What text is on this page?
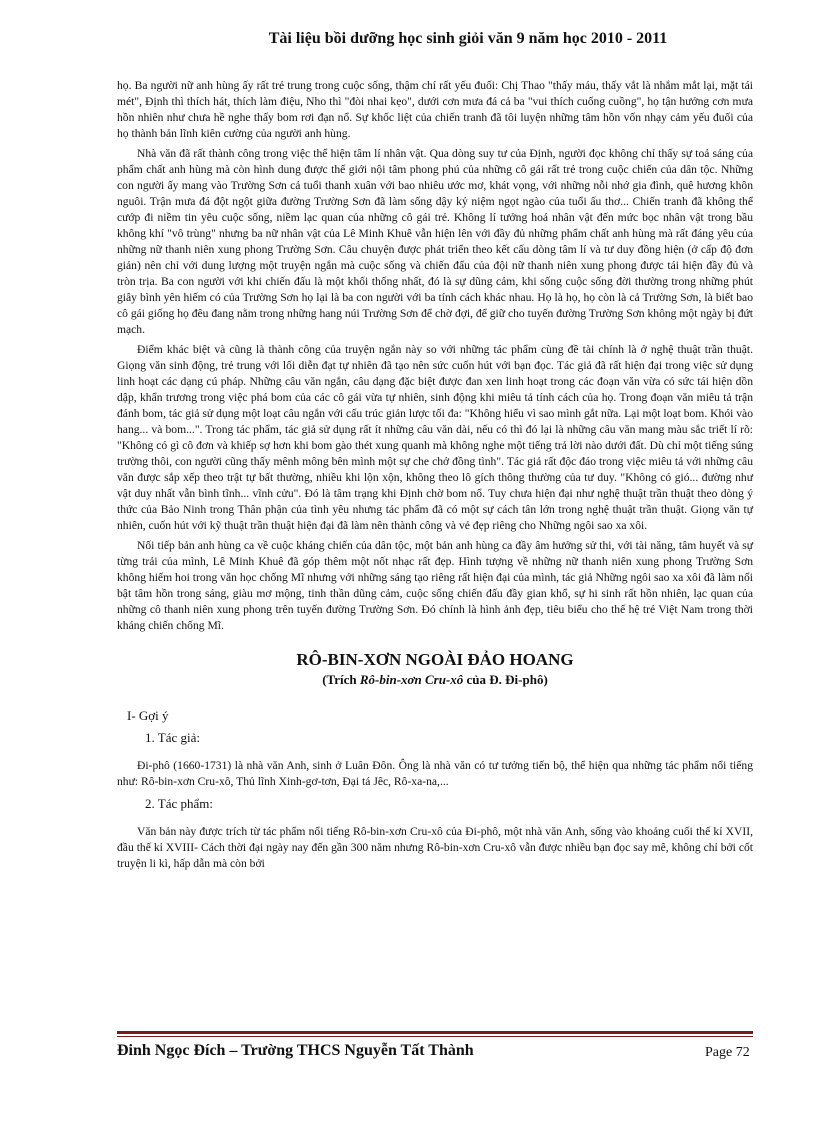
Tài liệu bồi dưỡng học sinh giỏi văn 9 năm học 2010 - 2011

họ. Ba người nữ anh hùng ấy rất trẻ trung trong cuộc sống, thậm chí rất yếu đuối: Chị Thao "thấy máu, thấy vắt là nhắm mắt lại, mặt tái mét", Định thì thích hát, thích làm điệu, Nho thì "đòi nhai kẹo", dưới cơn mưa đá cả ba "vui thích cuống cuồng", họ tận hưởng cơn mưa hồn nhiên như chưa hề nghe thấy bom rơi đạn nổ. Sự khốc liệt của chiến tranh đã tôi luyện những tâm hồn vốn nhạy cảm yếu đuối của họ thành bản lĩnh kiên cường của người anh hùng.

Nhà văn đã rất thành công trong việc thể hiện tâm lí nhân vật. Qua dòng suy tư của Định, người đọc không chỉ thấy sự toả sáng của phẩm chất anh hùng mà còn hình dung được thế giới nội tâm phong phú của những cô gái rất trẻ trong cuộc chiến của dân tộc. Những con người ấy mang vào Trường Sơn cả tuổi thanh xuân với bao nhiêu ước mơ, khát vọng, với những nỗi nhớ gia đình, quê hương khôn nguôi. Trận mưa đá đột ngột giữa đường Trường Sơn đã làm sống dậy kỷ niệm ngọt ngào của tuổi ấu thơ... Chiến tranh đã không thể cướp đi niềm tin yêu cuộc sống, niềm lạc quan của những cô gái trẻ. Không lí tưởng hoá nhân vật đến mức bọc nhân vật trong bầu không khí "vô trùng" nhưng ba nữ nhân vật của Lê Minh Khuê vẫn hiện lên với đầy đủ những phẩm chất anh hùng mà rất đáng yêu của những nữ thanh niên xung phong Trường Sơn. Câu chuyện được phát triển theo kết cấu dòng tâm lí và tư duy đồng hiện (ở cấp độ đơn giản) nên chỉ với dung lượng một truyện ngắn mà cuộc sống và chiến đấu của đội nữ thanh niên xung phong được tái hiện đầy đủ và tròn trịa. Ba con người với khi chiến đấu là một khối thống nhất, đó là sự dũng cảm, khi sống cuộc sống đời thường trong những phút giây bình yên hiếm có của Trường Sơn họ lại là ba con người với ba tính cách khác nhau. Họ là họ, họ còn là cả Trường Sơn, là biết bao cô gái giống họ đêu đang nằm trong những hang núi Trường Sơn để chờ đợi, để giữ cho tuyến đường Trường Sơn không một ngày bị đứt mạch.

Điểm khác biệt và cũng là thành công của truyện ngắn này so với những tác phẩm cùng đề tài chính là ở nghệ thuật trần thuật. Giọng văn sinh động, trẻ trung với lối diễn đạt tự nhiên đã tạo nên sức cuốn hút với bạn đọc. Tác giả đã rất hiện đại trong việc sử dụng linh hoạt các dạng cú pháp. Những câu văn ngắn, câu dạng đặc biệt được đan xen linh hoạt trong các đoạn văn vừa có sức tái hiện dồn dập, khẩn trương trong việc phá bom của các cô gái vừa tự nhiên, sinh động khi miêu tả tính cách của họ. Trong đoạn văn miêu tả trận đánh bom, tác giả sử dụng một loạt câu ngắn với cấu trúc giản lược tối đa: "Không hiểu vì sao mình gắt nữa. Lại một loạt bom. Khói vào hang... và bom...". Trong tác phẩm, tác giả sử dụng rất ít những câu văn dài, nếu có thì đó lại là những câu văn mang màu sắc triết lí rõ: "Không có gì cô đơn và khiếp sợ hơn khi bom gào thét xung quanh mà không nghe một tiếng trả lời nào dưới đất. Dù chỉ một tiếng súng trường thôi, con người cũng thấy mênh mông bên mình một sự che chở đồng tình". Tác giả rất độc đáo trong việc miêu tả với những câu văn được sắp xếp theo trật tự bất thường, nhiều khi lộn xộn, không theo lô gích thông thường của tư duy. "Không có gió... đường như vật duy nhất vẫn bình tĩnh... vĩnh cửu". Đó là tâm trạng khi Định chờ bom nổ. Tuy chưa hiện đại như nghệ thuật trần thuật theo dòng ý thức của Bảo Ninh trong Thân phận của tình yêu nhưng tác phẩm đã có một sự cách tân lớn trong nghệ thuật trần thuật. Giọng văn tự nhiên, cuốn hút với kỹ thuật trần thuật hiện đại đã làm nên thành công và vẻ đẹp riêng cho Những ngôi sao xa xôi.

Nối tiếp bản anh hùng ca về cuộc kháng chiến của dân tộc, một bản anh hùng ca đầy âm hưởng sử thi, với tài năng, tâm huyết và sự từng trải của mình, Lê Minh Khuê đã góp thêm một nốt nhạc rất đẹp. Hình tượng về những nữ thanh niên xung phong Trường Sơn không hiếm hoi trong văn học chống Mĩ nhưng với những sáng tạo riêng rất hiện đại của mình, tác giả Những ngôi sao xa xôi đã làm nổi bật tâm hồn trong sáng, giàu mơ mộng, tinh thần dũng cảm, cuộc sống chiến đấu đầy gian khổ, sự hi sinh rất hồn nhiên, lạc quan của những cô thanh niên xung phong trên tuyến đường Trường Sơn. Đó chính là hình ảnh đẹp, tiêu biểu cho thế hệ trẻ Việt Nam trong thời kháng chiến chống Mĩ.

RÔ-BIN-XƠN NGOÀI ĐẢO HOANG

(Trích Rô-bin-xơn Cru-xô của Đ. Đi-phô)

I- Gợi ý

1. Tác giả:

Đi-phô (1660-1731) là nhà văn Anh, sinh ở Luân Đôn. Ông là nhà văn có tư tưởng tiến bộ, thể hiện qua những tác phẩm nổi tiếng như: Rô-bin-xơn Cru-xô, Thủ lĩnh Xinh-gơ-tơn, Đại tá Jêc, Rô-xa-na,...

2. Tác phẩm:

Văn bản này được trích từ tác phẩm nổi tiếng Rô-bin-xơn Cru-xô của Đi-phô, một nhà văn Anh, sống vào khoảng cuối thế kỉ XVII, đầu thế kỉ XVIII- Cách thời đại ngày nay đến gần 300 năm nhưng Rô-bin-xơn Cru-xô vẫn được nhiều bạn đọc say mê, không chỉ bởi cốt truyện li kì, hấp dẫn mà còn bởi

Đinh Ngọc Đích – Trường THCS Nguyễn Tất Thành	Page 72
